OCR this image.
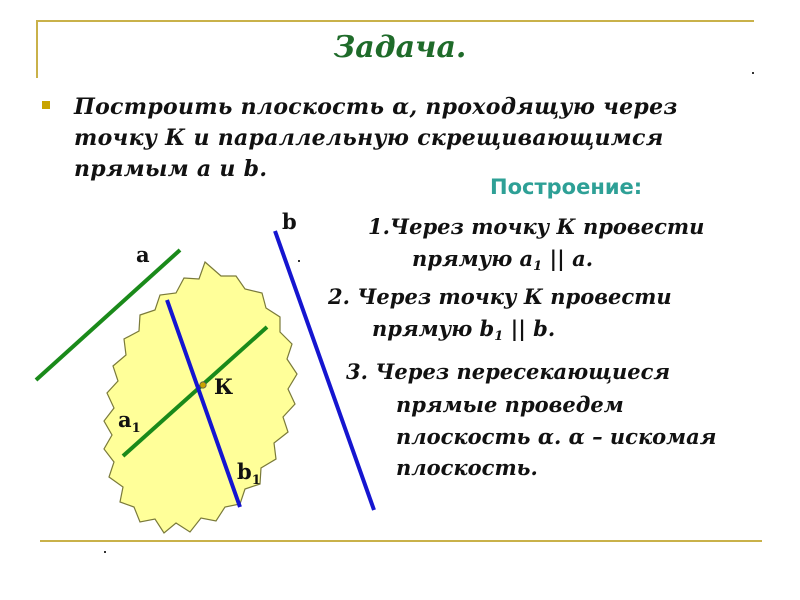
Задача.
Построить плоскость α, проходящую через точку К и параллельную скрещивающимся прямым a и b.
Построение:
1.Через точку К провести
прямую $a_1$ || a.
2. Через точку К провести
прямую $b_1$ || b.
3. Через пересекающиеся
прямые проведем
плоскость α. α – искомая
плоскость.
a
b
К
$a_1$
$b_1$
